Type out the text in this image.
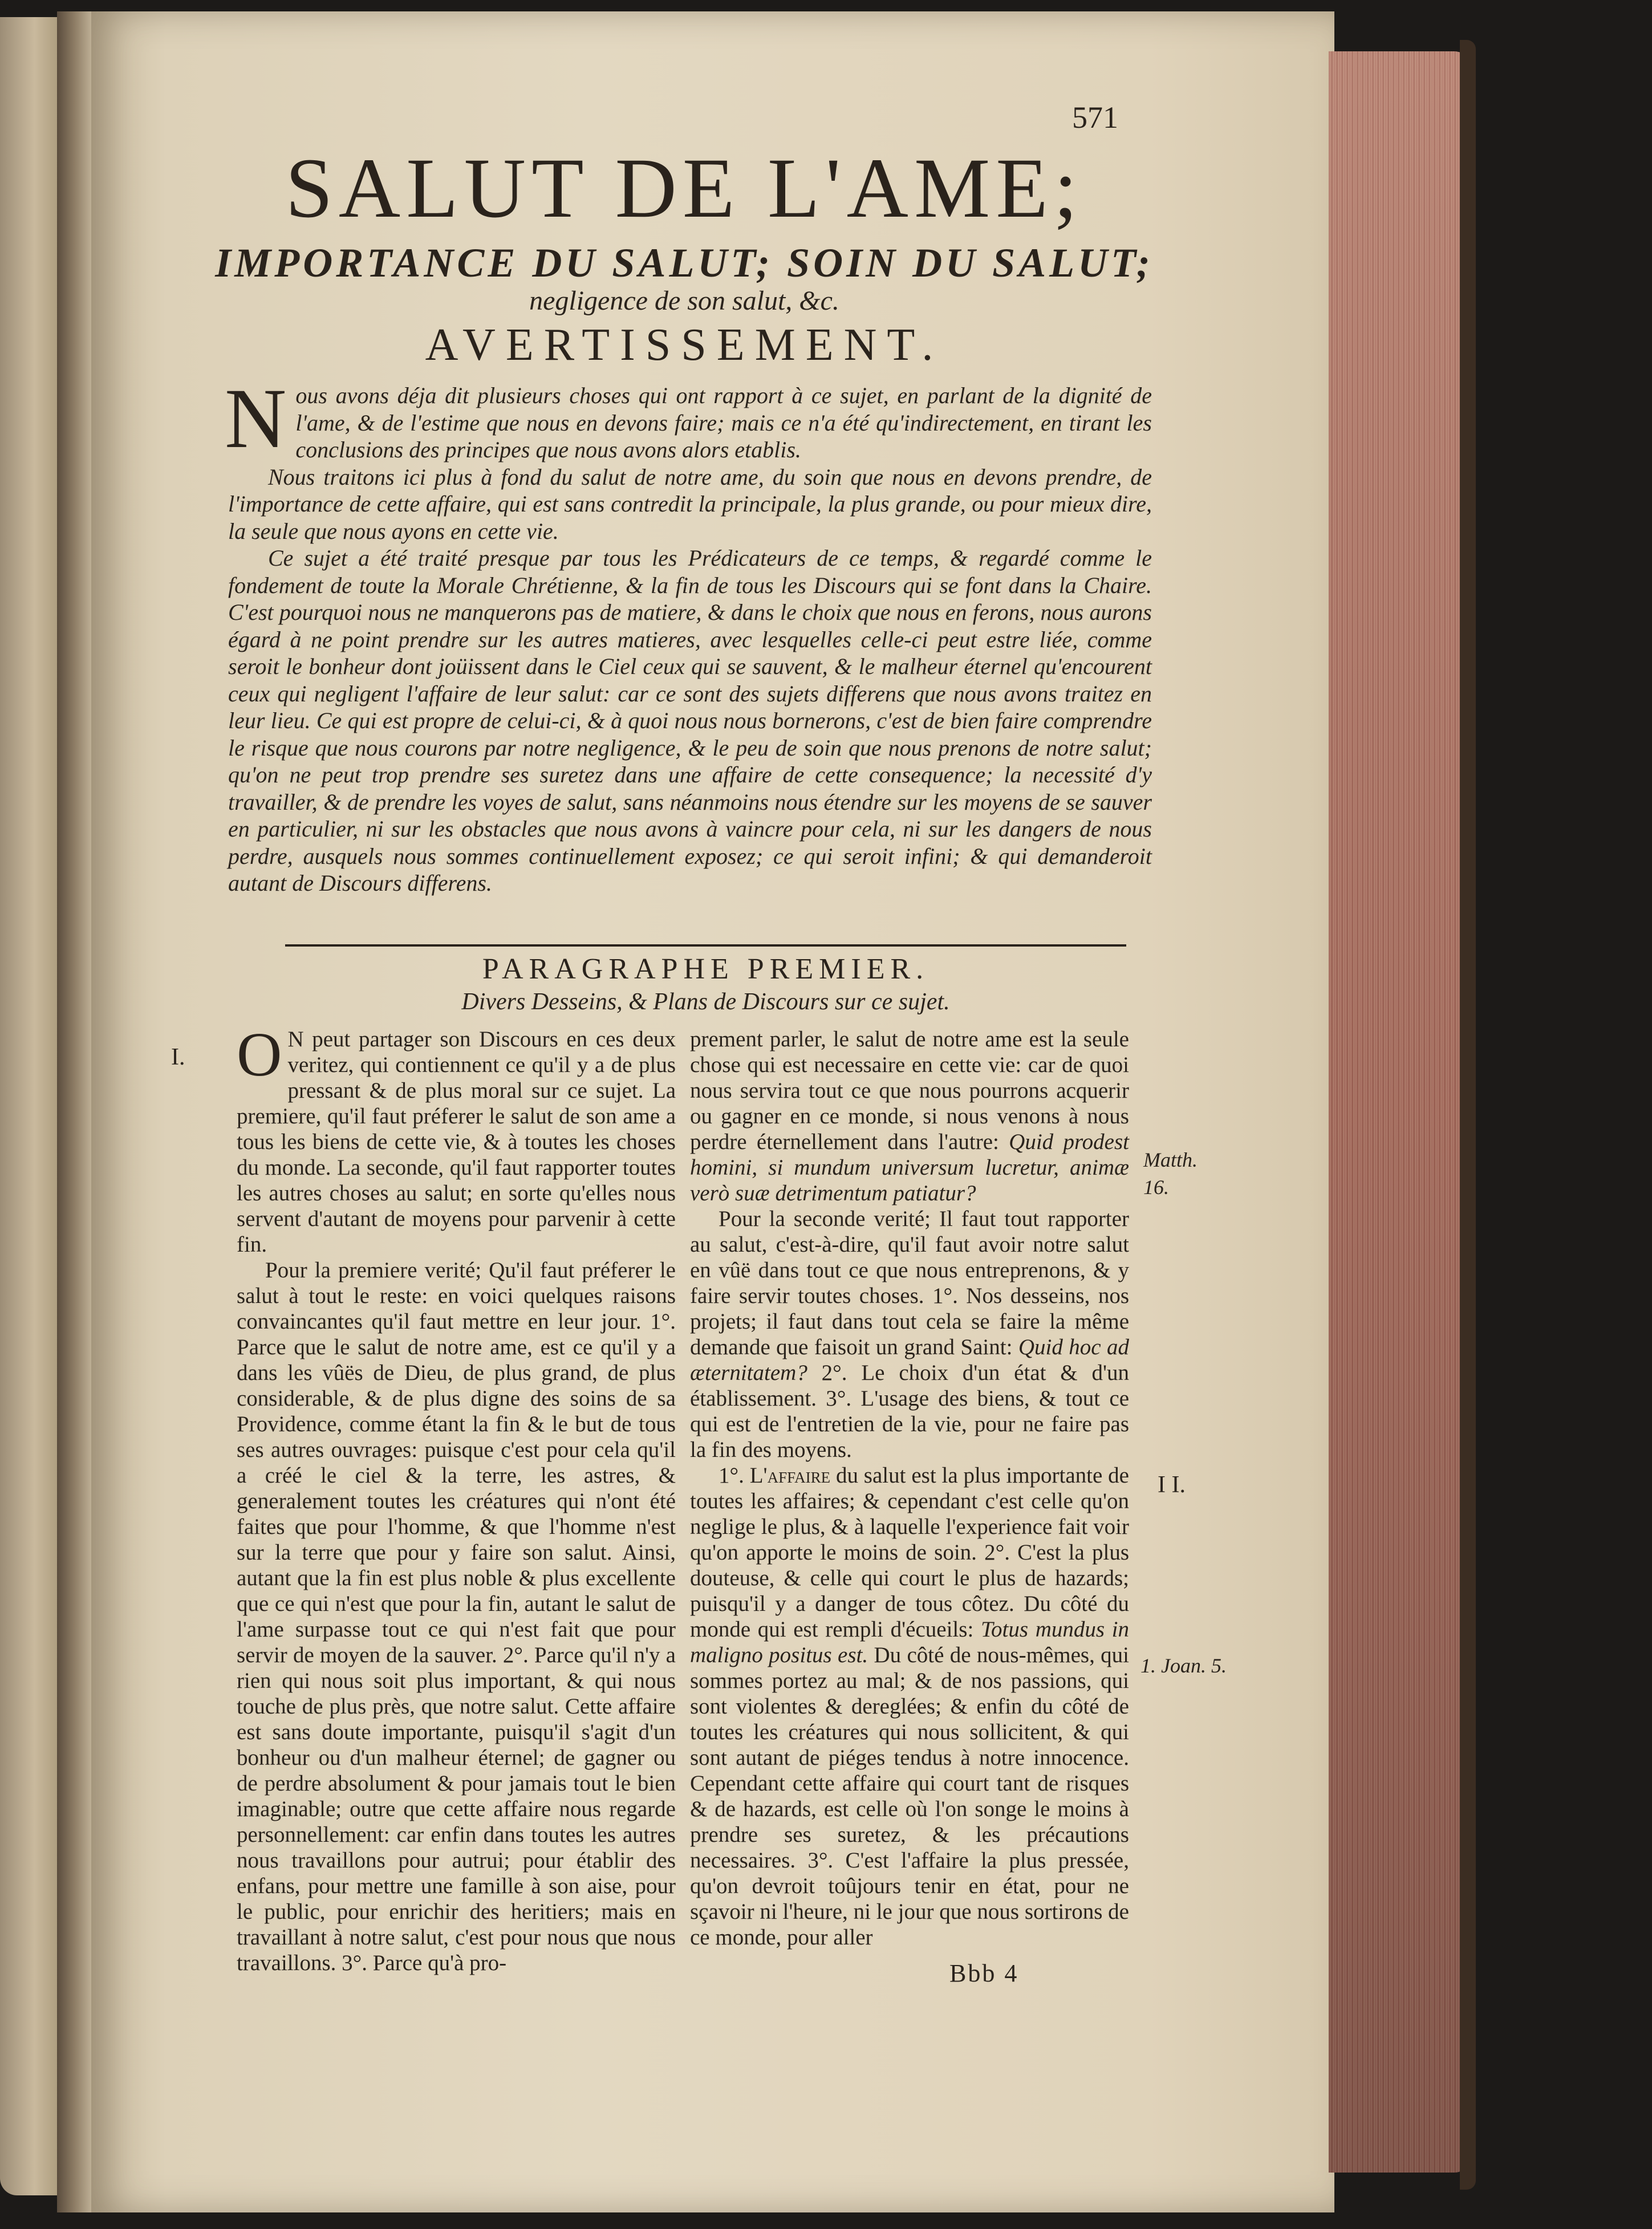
571
SALUT DE L'AME;
IMPORTANCE DU SALUT; SOIN DU SALUT;
negligence de son salut, &c.
AVERTISSEMENT.

Nous avons déja dit plusieurs choses qui ont rapport à ce sujet, en parlant de la dignité de l'ame, & de l'estime que nous en devons faire; mais ce n'a été qu'indirectement, en tirant les conclusions des principes que nous avons alors etablis.

Nous traitons ici plus à fond du salut de notre ame, du soin que nous en devons prendre, de l'importance de cette affaire, qui est sans contredit la principale, la plus grande, ou pour mieux dire, la seule que nous ayons en cette vie.

Ce sujet a été traité presque par tous les Prédicateurs de ce temps, & regardé comme le fondement de toute la Morale Chrétienne, & la fin de tous les Discours qui se font dans la Chaire. C'est pourquoi nous ne manquerons pas de matiere, & dans le choix que nous en ferons, nous aurons égard à ne point prendre sur les autres matieres, avec lesquelles celle-ci peut estre liée, comme seroit le bonheur dont joüissent dans le Ciel ceux qui se sauvent, & le malheur éternel qu'encourent ceux qui negligent l'affaire de leur salut: car ce sont des sujets differens que nous avons traitez en leur lieu. Ce qui est propre de celui-ci, & à quoi nous nous bornerons, c'est de bien faire comprendre le risque que nous courons par notre negligence, & le peu de soin que nous prenons de notre salut; qu'on ne peut trop prendre ses suretez dans une affaire de cette consequence; la necessité d'y travailler, & de prendre les voyes de salut, sans néanmoins nous étendre sur les moyens de se sauver en particulier, ni sur les obstacles que nous avons à vaincre pour cela, ni sur les dangers de nous perdre, ausquels nous sommes continuellement exposez; ce qui seroit infini; & qui demanderoit autant de Discours differens.

PARAGRAPHE PREMIER.
Divers Desseins, & Plans de Discours sur ce sujet.
I.
Matth. 16.
I I.
1. Joan. 5.

O N peut partager son Discours en ces deux veritez, qui contiennent ce qu'il y a de plus pressant & de plus moral sur ce sujet. La premiere, qu'il faut préferer le salut de son ame a tous les biens de cette vie, & à toutes les choses du monde. La seconde, qu'il faut rapporter toutes les autres choses au salut; en sorte qu'elles nous servent d'autant de moyens pour parvenir à cette fin.

Pour la premiere verité; Qu'il faut préferer le salut à tout le reste: en voici quelques raisons convaincantes qu'il faut mettre en leur jour. 1°. Parce que le salut de notre ame, est ce qu'il y a dans les vûës de Dieu, de plus grand, de plus considerable, & de plus digne des soins de sa Providence, comme étant la fin & le but de tous ses autres ouvrages: puisque c'est pour cela qu'il a créé le ciel & la terre, les astres, & generalement toutes les créatures qui n'ont été faites que pour l'homme, & que l'homme n'est sur la terre que pour y faire son salut. Ainsi, autant que la fin est plus noble & plus excellente que ce qui n'est que pour la fin, autant le salut de l'ame surpasse tout ce qui n'est fait que pour servir de moyen de la sauver. 2°. Parce qu'il n'y a rien qui nous soit plus important, & qui nous touche de plus près, que notre salut. Cette affaire est sans doute importante, puisqu'il s'agit d'un bonheur ou d'un malheur éternel; de gagner ou de perdre absolument & pour jamais tout le bien imaginable; outre que cette affaire nous regarde personnellement: car enfin dans toutes les autres nous travaillons pour autrui; pour établir des enfans, pour mettre une famille à son aise, pour le public, pour enrichir des heritiers; mais en travaillant à notre salut, c'est pour nous que nous travaillons. 3°. Parce qu'à pro-

prement parler, le salut de notre ame est la seule chose qui est necessaire en cette vie: car de quoi nous servira tout ce que nous pourrons acquerir ou gagner en ce monde, si nous venons à nous perdre éternellement dans l'autre: Quid prodest homini, si mundum universum lucretur, animæ verò suæ detrimentum patiatur?

Pour la seconde verité; Il faut tout rapporter au salut, c'est-à-dire, qu'il faut avoir notre salut en vûë dans tout ce que nous entreprenons, & y faire servir toutes choses. 1°. Nos desseins, nos projets; il faut dans tout cela se faire la même demande que faisoit un grand Saint: Quid hoc ad æternitatem? 2°. Le choix d'un état & d'un établissement. 3°. L'usage des biens, & tout ce qui est de l'entretien de la vie, pour ne faire pas la fin des moyens.

1°. L'affaire du salut est la plus importante de toutes les affaires; & cependant c'est celle qu'on neglige le plus, & à laquelle l'experience fait voir qu'on apporte le moins de soin. 2°. C'est la plus douteuse, & celle qui court le plus de hazards; puisqu'il y a danger de tous côtez. Du côté du monde qui est rempli d'écueils: Totus mundus in maligno positus est. Du côté de nous-mêmes, qui sommes portez au mal; & de nos passions, qui sont violentes & dereglées; & enfin du côté de toutes les créatures qui nous sollicitent, & qui sont autant de piéges tendus à notre innocence. Cependant cette affaire qui court tant de risques & de hazards, est celle où l'on songe le moins à prendre ses suretez, & les précautions necessaires. 3°. C'est l'affaire la plus pressée, qu'on devroit toûjours tenir en état, pour ne sçavoir ni l'heure, ni le jour que nous sortirons de ce monde, pour aller

Bbb 4
